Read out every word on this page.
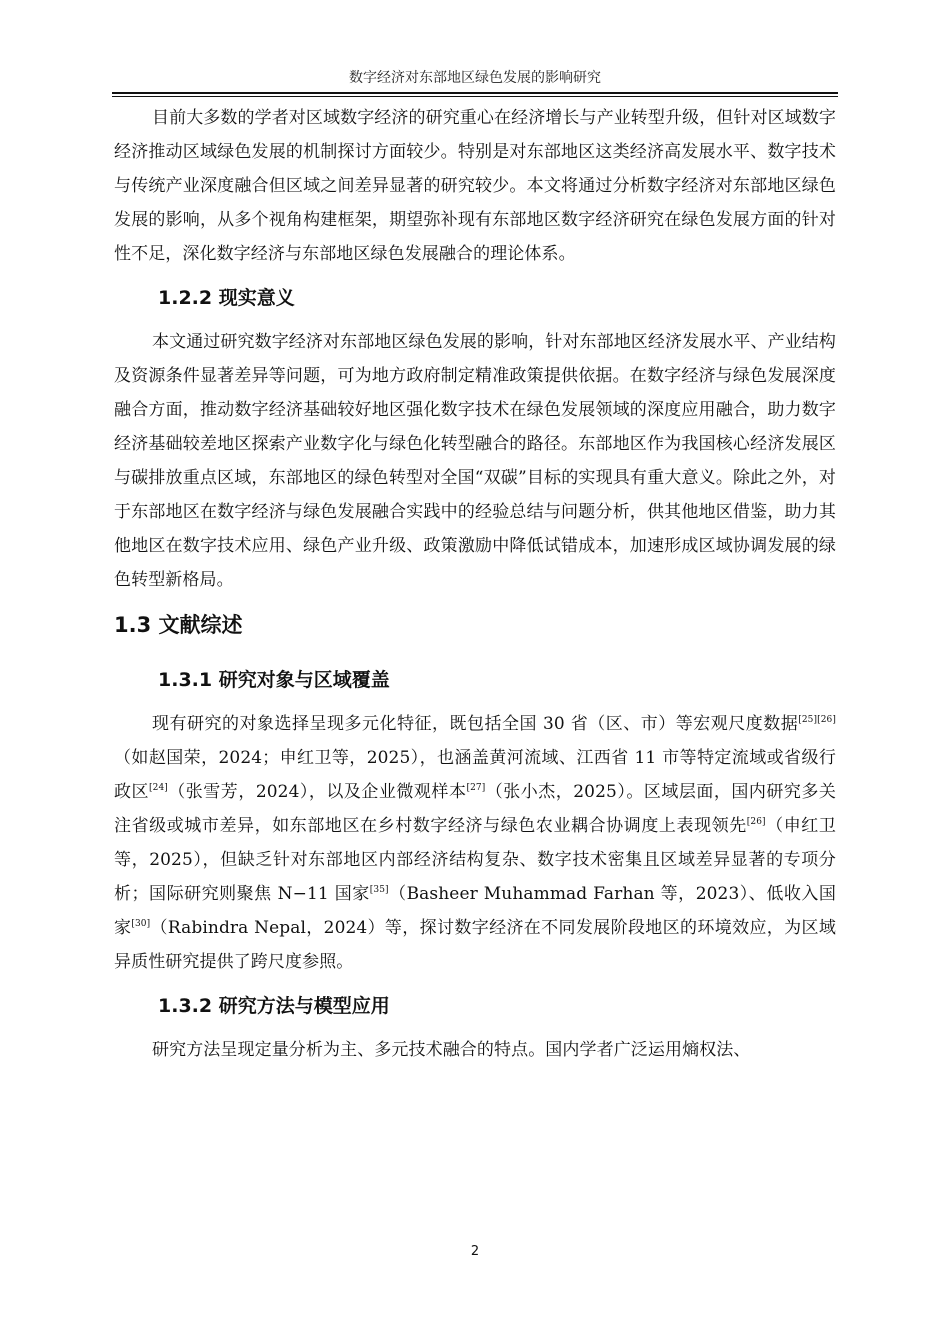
数字经济对东部地区绿色发展的影响研究

目前大多数的学者对区域数字经济的研究重心在经济增长与产业转型升级，但针对区域数字经济推动区域绿色发展的机制探讨方面较少。特别是对东部地区这类经济高发展水平、数字技术与传统产业深度融合但区域之间差异显著的研究较少。本文将通过分析数字经济对东部地区绿色发展的影响，从多个视角构建框架，期望弥补现有东部地区数字经济研究在绿色发展方面的针对性不足，深化数字经济与东部地区绿色发展融合的理论体系。

1.2.2 现实意义

本文通过研究数字经济对东部地区绿色发展的影响，针对东部地区经济发展水平、产业结构及资源条件显著差异等问题，可为地方政府制定精准政策提供依据。在数字经济与绿色发展深度融合方面，推动数字经济基础较好地区强化数字技术在绿色发展领域的深度应用融合，助力数字经济基础较差地区探索产业数字化与绿色化转型融合的路径。东部地区作为我国核心经济发展区与碳排放重点区域，东部地区的绿色转型对全国“双碳”目标的实现具有重大意义。除此之外，对于东部地区在数字经济与绿色发展融合实践中的经验总结与问题分析，供其他地区借鉴，助力其他地区在数字技术应用、绿色产业升级、政策激励中降低试错成本，加速形成区域协调发展的绿色转型新格局。

1.3 文献综述
1.3.1 研究对象与区域覆盖

现有研究的对象选择呈现多元化特征，既包括全国 30 省（区、市）等宏观尺度数据[25][26]（如赵国荣，2024；申红卫等，2025），也涵盖黄河流域、江西省 11 市等特定流域或省级行政区[24]（张雪芳，2024），以及企业微观样本[27]（张小杰，2025）。区域层面，国内研究多关注省级或城市差异，如东部地区在乡村数字经济与绿色农业耦合协调度上表现领先[26]（申红卫等，2025），但缺乏针对东部地区内部经济结构复杂、数字技术密集且区域差异显著的专项分析；国际研究则聚焦 N−11 国家[35]（Basheer Muhammad Farhan 等，2023）、低收入国家[30]（Rabindra Nepal，2024）等，探讨数字经济在不同发展阶段地区的环境效应，为区域异质性研究提供了跨尺度参照。

1.3.2 研究方法与模型应用

研究方法呈现定量分析为主、多元技术融合的特点。国内学者广泛运用熵权法、

2
